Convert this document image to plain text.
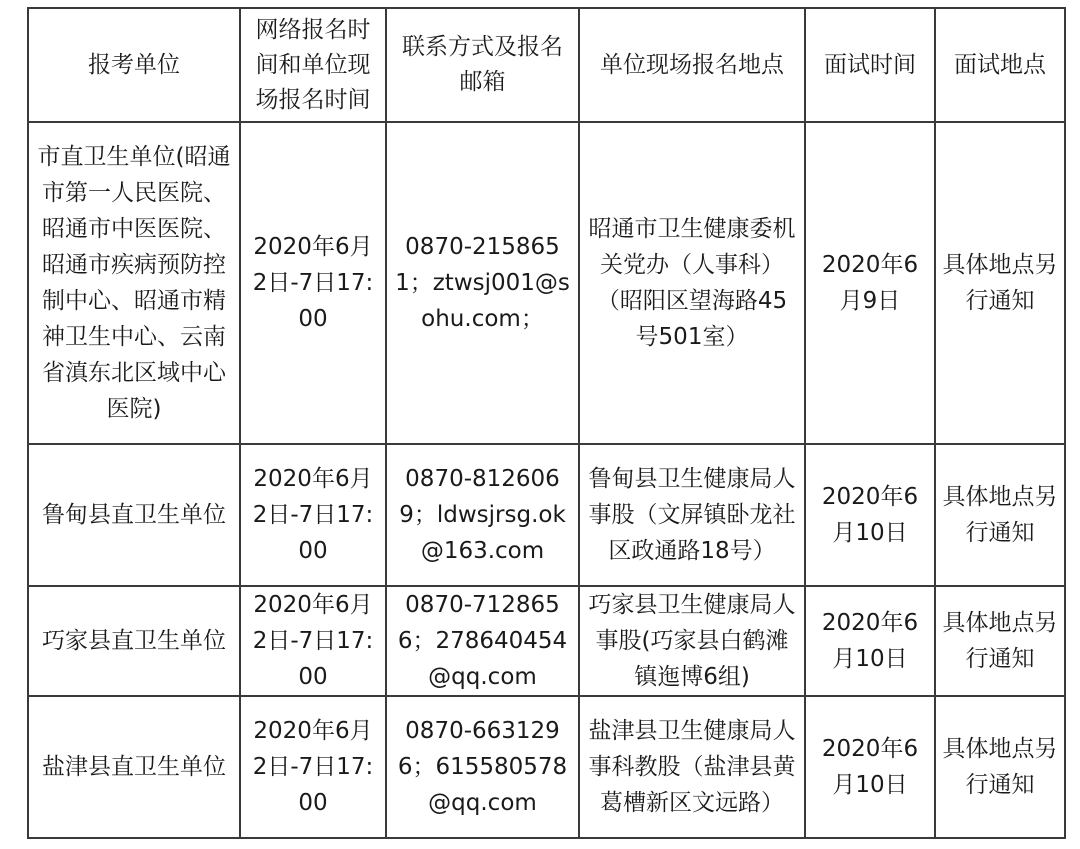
报考单位	网络报名时间和单位现场报名时间	联系方式及报名邮箱	单位现场报名地点	面试时间	面试地点
市直卫生单位(昭通市第一人民医院、昭通市中医医院、昭通市疾病预防控制中心、昭通市精神卫生中心、云南省滇东北区域中心医院)	2020年6月2日-7日17:00	0870-2158651；ztwsj001@sohu.com；	昭通市卫生健康委机关党办（人事科）（昭阳区望海路45号501室）	2020年6月9日	具体地点另行通知
鲁甸县直卫生单位	2020年6月2日-7日17:00	0870-8126069；ldwsjrsg.ok@163.com	鲁甸县卫生健康局人事股（文屏镇卧龙社区政通路18号）	2020年6月10日	具体地点另行通知
巧家县直卫生单位	2020年6月2日-7日17:00	0870-7128656；278640454@qq.com	巧家县卫生健康局人事股(巧家县白鹤滩镇迤博6组)	2020年6月10日	具体地点另行通知
盐津县直卫生单位	2020年6月2日-7日17:00	0870-6631296；615580578@qq.com	盐津县卫生健康局人事科教股（盐津县黄葛槽新区文远路）	2020年6月10日	具体地点另行通知
